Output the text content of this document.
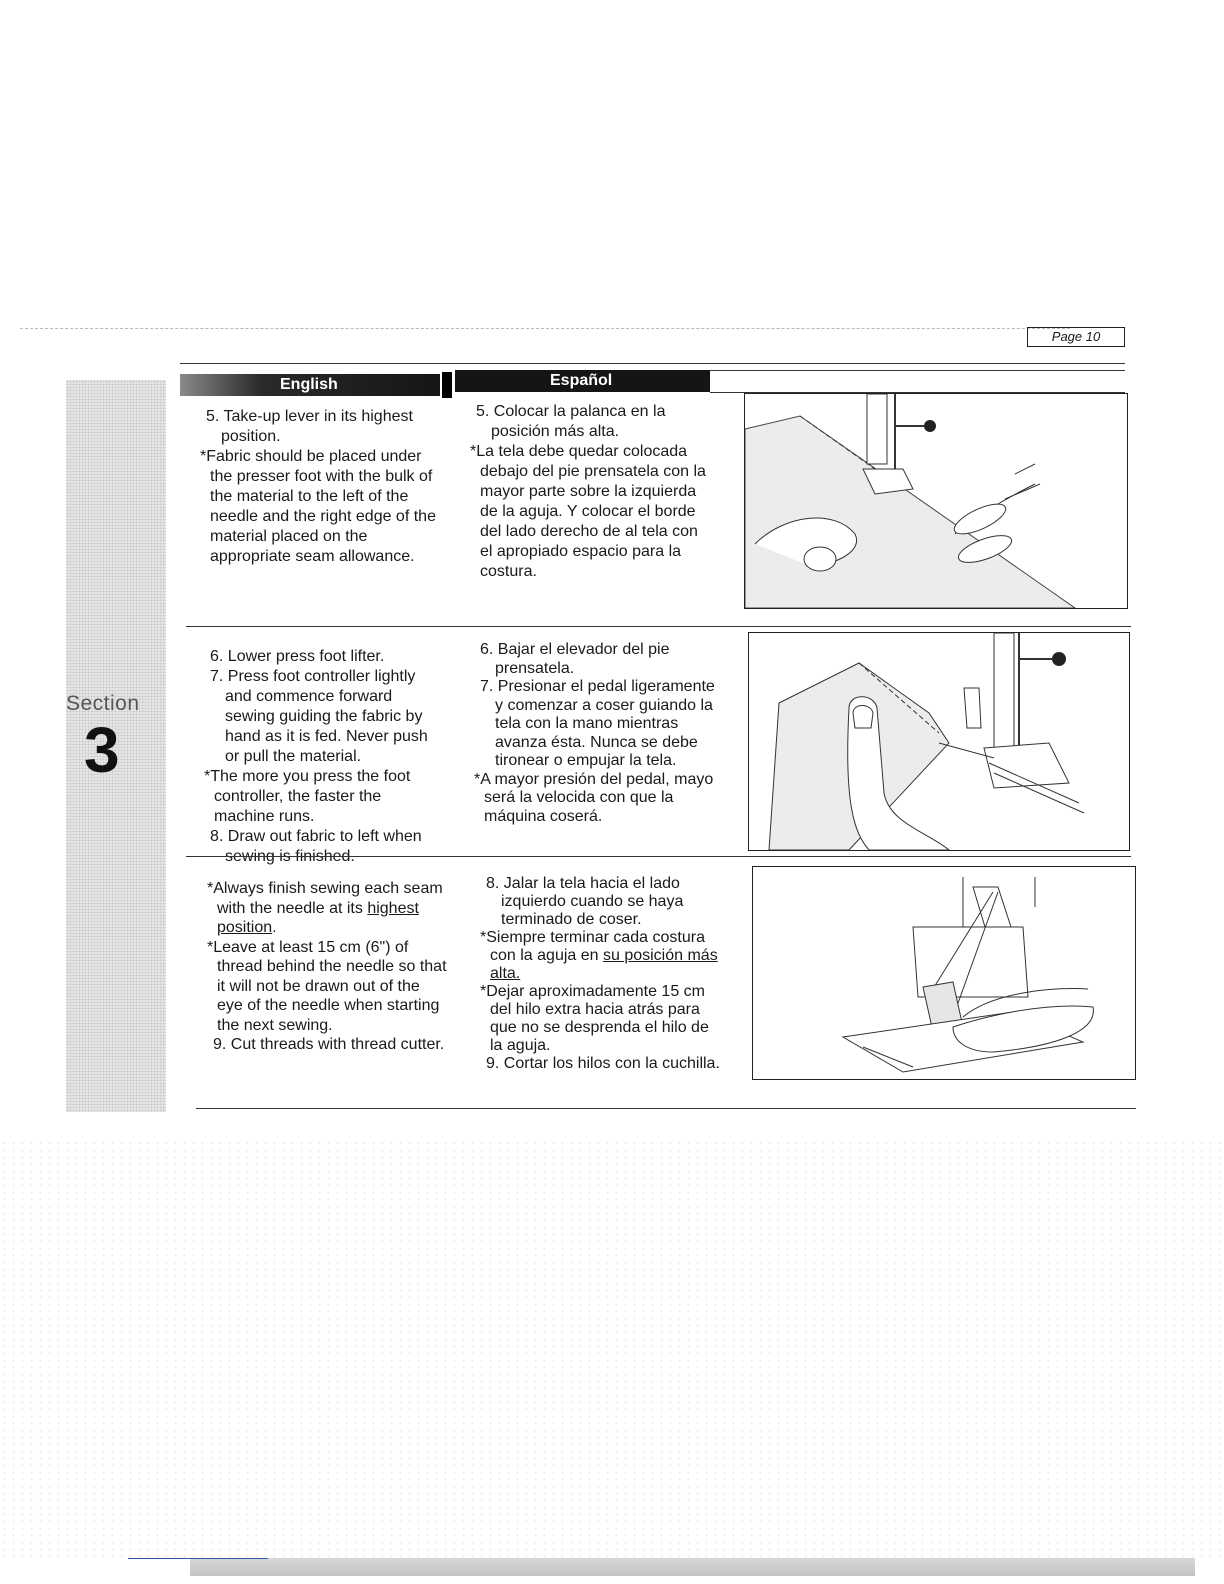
Page 10
Section
3
English	Español

5. Take-up lever in its highest position.

*Fabric should be placed under the presser foot with the bulk of the material to the left of the needle and the right edge of the material placed on the appropriate seam allowance.

5. Colocar la palanca en la posición más alta.

*La tela debe quedar colocada debajo del pie prensatela con la mayor parte sobre la izquierda de la aguja. Y colocar el borde del lado derecho de al tela con el apropiado espacio para la costura.

6. Lower press foot lifter.

7. Press foot controller lightly and commence forward sewing guiding the fabric by hand as it is fed. Never push or pull the material.

*The more you press the foot controller, the faster the machine runs.

8. Draw out fabric to left when sewing is finished.

6. Bajar el elevador del pie prensatela.

7. Presionar el pedal ligeramente y comenzar a coser guiando la tela con la mano mientras avanza ésta. Nunca se debe tironear o empujar la tela.

*A mayor presión del pedal, mayo será la velocida con que la máquina coserá.

*Always finish sewing each seam with the needle at its highest position.

*Leave at least 15 cm (6") of thread behind the needle so that it will not be drawn out of the eye of the needle when starting the next sewing.

9. Cut threads with thread cutter.

8. Jalar la tela hacia el lado izquierdo cuando se haya terminado de coser.

*Siempre terminar cada costura con la aguja en su posición más alta.

*Dejar aproximadamente 15 cm del hilo extra hacia atrás para que no se desprenda el hilo de la aguja.

9. Cortar los hilos con la cuchilla.
